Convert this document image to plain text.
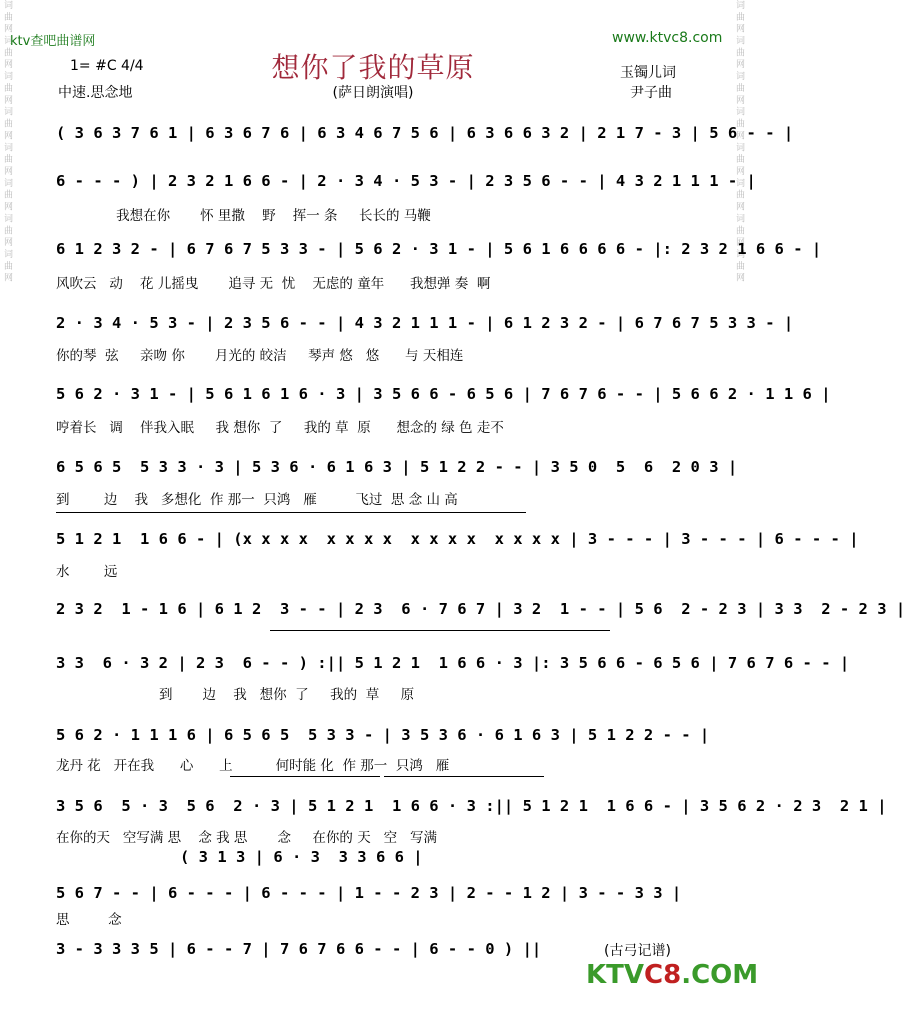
词 曲 网 词 曲 网 词 曲 网 词 曲 网 词 曲 网 词 曲 网 词 曲 网 词 曲 网	词 曲 网 词 曲 网 词 曲 网 词 曲 网 词 曲 网 词 曲 网 词 曲 网 词 曲 网
ktv查吧曲谱网	www.ktvc8.com
想你了我的草原
(萨日朗演唱)
1= #C 4/4
中速.思念地
玉镯儿词
尹子曲
( 3 6 3 7 6 1 | 6 3 6 7 6 | 6 3 4 6 7 5 6 | 6 3 6 6 3 2 | 2 1 7 - 3 | 5 6 - - |
6 - - - ) | 2 3 2 1 6 6 - | 2 · 3 4 · 5 3 - | 2 3 5 6 - - | 4 3 2 1 1 1 - |
我想在你       怀 里撒    野    挥一 条     长长的 马鞭
6 1 2 3 2 - | 6 7 6 7 5 3 3 - | 5 6 2 · 3 1 - | 5 6 1 6 6 6 6 - |: 2 3 2 1 6 6 - |
风吹云   动    花 儿摇曳       追寻 无  忧    无虑的 童年      我想弹 奏  啊
2 · 3 4 · 5 3 - | 2 3 5 6 - - | 4 3 2 1 1 1 - | 6 1 2 3 2 - | 6 7 6 7 5 3 3 - |
你的琴  弦     亲吻 你       月光的 皎洁     琴声 悠   悠      与 天相连
5 6 2 · 3 1 - | 5 6 1 6 1 6 · 3 | 3 5 6 6 - 6 5 6 | 7 6 7 6 - - | 5 6 6 2 · 1 1 6 |
哼着长   调    伴我入眠     我 想你  了     我的 草  原      想念的 绿 色 走不
6 5 6 5  5 3 3 · 3 | 5 3 6 · 6 1 6 3 | 5 1 2 2 - - | 3 5 0  5  6  2 0 3 |
到        边    我   多想化  作 那一  只鸿   雁         飞过  思 念 山 高
5 1 2 1  1 6 6 - | (x x x x  x x x x  x x x x  x x x x | 3 - - - | 3 - - - | 6 - - - |
水        远
2 3 2  1 - 1 6 | 6 1 2  3 - - | 2 3  6 · 7 6 7 | 3 2  1 - - | 5 6  2 - 2 3 | 3 3  2 - 2 3 |
3 3  6 · 3 2 | 2 3  6 - - ) :|| 5 1 2 1  1 6 6 · 3 |: 3 5 6 6 - 6 5 6 | 7 6 7 6 - - |
到       边    我   想你  了     我的  草     原
5 6 2 · 1 1 1 6 | 6 5 6 5  5 3 3 - | 3 5 3 6 · 6 1 6 3 | 5 1 2 2 - - |
龙丹 花   开在我      心      上          何时能 化  作 那一  只鸿   雁
3 5 6  5 · 3  5 6  2 · 3 | 5 1 2 1  1 6 6 · 3 :|| 5 1 2 1  1 6 6 - | 3 5 6 2 · 2 3  2 1 |
在你的天   空写满 思    念 我 思       念     在你的 天   空   写满
( 3 1 3 | 6 · 3  3 3 6 6 |
5 6 7 - - | 6 - - - | 6 - - - | 1 - - 2 3 | 2 - - 1 2 | 3 - - 3 3 |
思         念
3 - 3 3 3 5 | 6 - - 7 | 7 6 7 6 6 - - | 6 - - 0 ) ||	(古弓记谱)
KTVC8.COM
